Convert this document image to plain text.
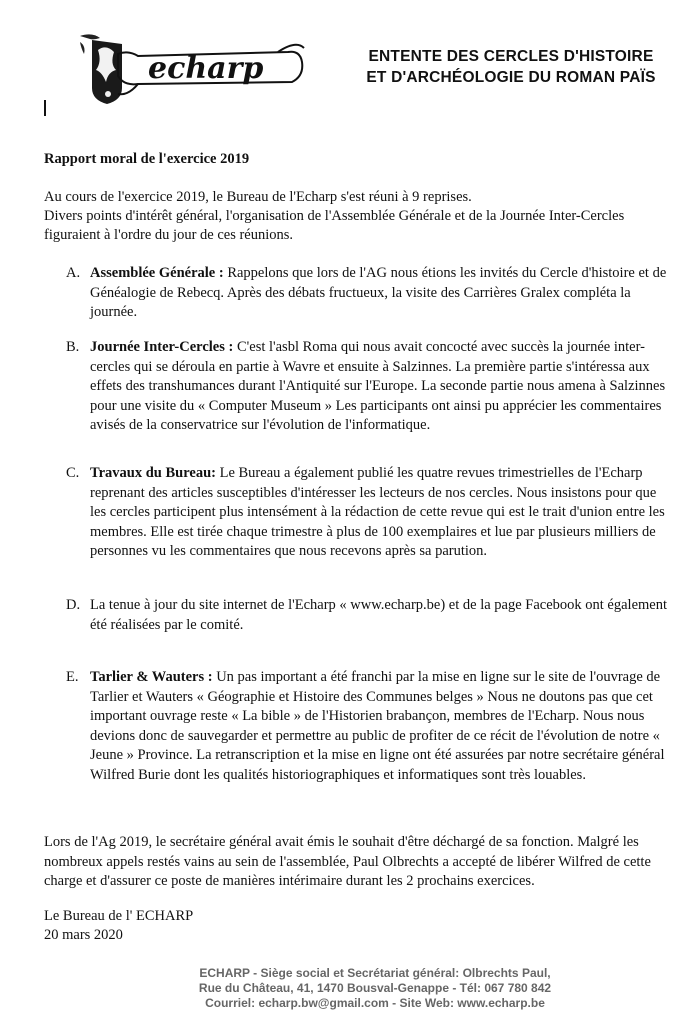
echarp	ENTENTE DES CERCLES D'HISTOIRE
ET D'ARCHÉOLOGIE DU ROMAN PAÏS
Rapport moral de l'exercice 2019
Au cours de l'exercice 2019, le Bureau de l'Echarp s'est réuni à 9 reprises.
Divers points d'intérêt général, l'organisation de l'Assemblée Générale et de la Journée Inter-Cercles figuraient à l'ordre du jour de ces réunions.
A. Assemblée Générale : Rappelons que lors de l'AG nous étions les invités du Cercle d'histoire et de Généalogie de Rebecq. Après des débats fructueux, la visite des Carrières Gralex compléta la journée.
B. Journée Inter-Cercles : C'est l'asbl Roma qui nous avait concocté avec succès la journée inter-cercles qui se déroula en partie à Wavre et ensuite à Salzinnes. La première partie s'intéressa aux effets des transhumances durant l'Antiquité sur l'Europe. La seconde partie nous amena à Salzinnes pour une visite du « Computer Museum » Les participants ont ainsi pu apprécier les commentaires avisés de la conservatrice sur l'évolution de l'informatique.
C. Travaux du Bureau: Le Bureau a également publié les quatre revues trimestrielles de l'Echarp reprenant des articles susceptibles d'intéresser les lecteurs de nos cercles. Nous insistons pour que les cercles participent plus intensément à la rédaction de cette revue qui est le trait d'union entre les membres. Elle est tirée chaque trimestre à plus de 100 exemplaires et lue par plusieurs milliers de personnes vu les commentaires que nous recevons après sa parution.
D. La tenue à jour du site internet de l'Echarp « www.echarp.be) et de la page Facebook ont également été réalisées par le comité.
E. Tarlier & Wauters : Un pas important a été franchi par la mise en ligne sur le site de l'ouvrage de Tarlier et Wauters « Géographie et Histoire des Communes belges » Nous ne doutons pas que cet important ouvrage reste « La bible » de l'Historien brabançon, membres de l'Echarp. Nous nous devions donc de sauvegarder et permettre au public de profiter de ce récit de l'évolution de notre « Jeune » Province. La retranscription et la mise en ligne ont été assurées par notre secrétaire général Wilfred Burie dont les qualités historiographiques et informatiques sont très louables.
Lors de l'Ag 2019, le secrétaire général avait émis le souhait d'être déchargé de sa fonction. Malgré les nombreux appels restés vains au sein de l'assemblée, Paul Olbrechts a accepté de libérer Wilfred de cette charge et d'assurer ce poste de manières intérimaire durant les 2 prochains exercices.
Le Bureau de l' ECHARP
20 mars 2020
ECHARP - Siège social et Secrétariat général: Olbrechts Paul,
Rue du Château, 41, 1470 Bousval-Genappe - Tél: 067 780 842
Courriel: echarp.bw@gmail.com - Site Web: www.echarp.be
